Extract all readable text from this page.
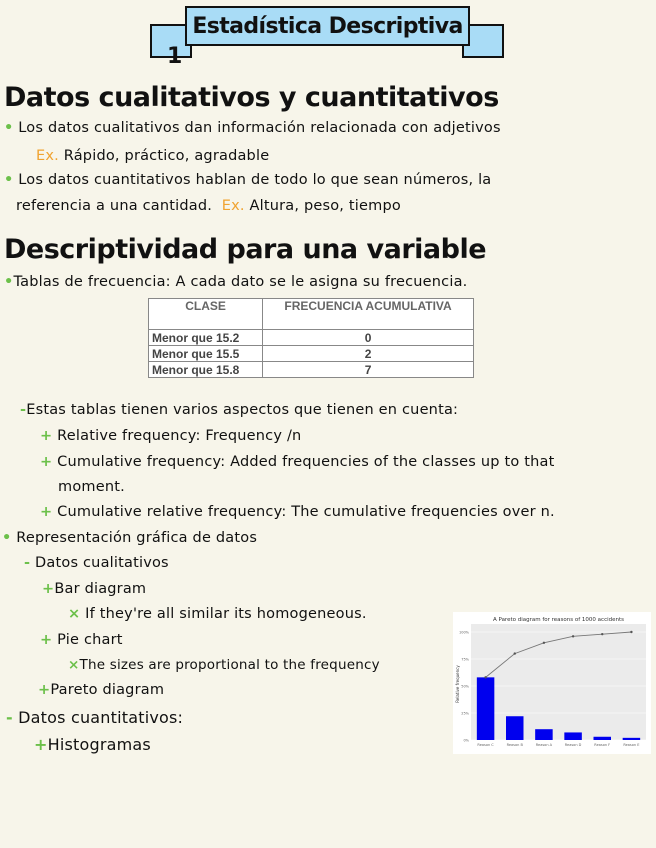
Estadística Descriptiva
1
Datos cualitativos y cuantitativos
• Los datos cualitativos dan información relacionada con adjetivos
Ex. Rápido, práctico, agradable
• Los datos cuantitativos hablan de todo lo que sean números, la
referencia a una cantidad. Ex. Altura, peso, tiempo
Descriptividad para una variable
•Tablas de frecuencia: A cada dato se le asigna su frecuencia.
CLASE	FRECUENCIA ACUMULATIVA
Menor que 15.2	0
Menor que 15.5	2
Menor que 15.8	7
-Estas tablas tienen varios aspectos que tienen en cuenta:
+ Relative frequency: Frequency /n
+ Cumulative frequency: Added frequencies of the classes up to that
moment.
+ Cumulative relative frequency: The cumulative frequencies over n.
• Representación gráfica de datos
- Datos cualitativos
+Bar diagram
× If they're all similar its homogeneous.
+ Pie chart
×The sizes are proportional to the frequency
+Pareto diagram
- Datos cuantitativos:
+Histogramas
A Pareto diagram for reasons of 1000 accidents
Relative frequency
0%
25%
50%
75%
100%
Reason C	Reason B	Reason A	Reason D	Reason F	Reason E
